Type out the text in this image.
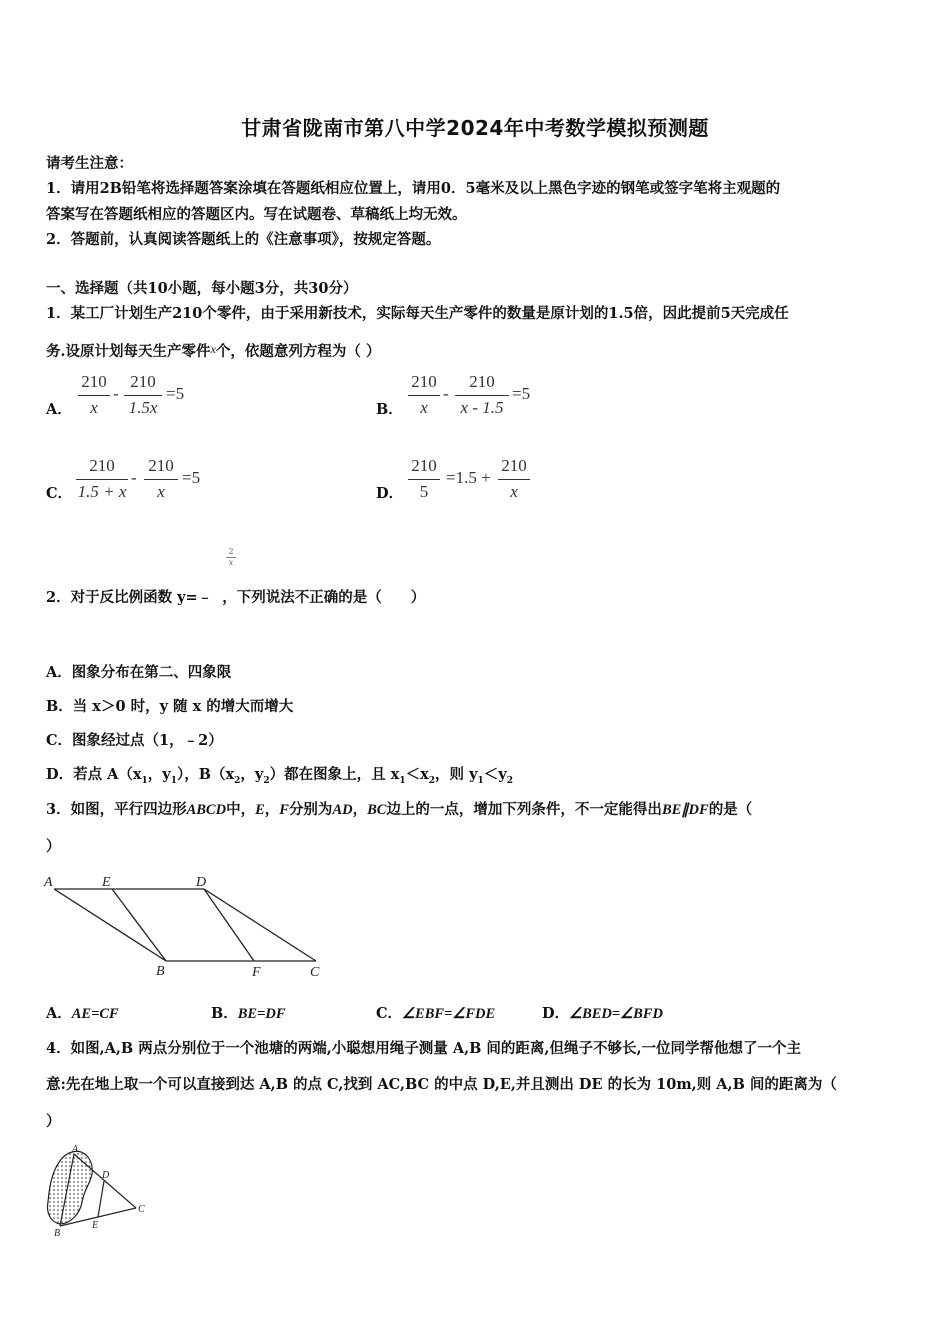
甘肃省陇南市第八中学2024年中考数学模拟预测题
请考生注意：
1．请用2B铅笔将选择题答案涂填在答题纸相应位置上，请用0．5毫米及以上黑色字迹的钢笔或签字笔将主观题的
答案写在答题纸相应的答题区内。写在试题卷、草稿纸上均无效。
2．答题前，认真阅读答题纸上的《注意事项》，按规定答题。
一、选择题（共10小题，每小题3分，共30分）
1．某工厂计划生产210个零件，由于采用新技术，实际每天生产零件的数量是原计划的1.5倍，因此提前5天完成任
务.设原计划每天生产零件$^x$个，依题意列方程为（ ）
A．
210
x
-
210
1.5x
=5
B．
210
x
-
210
x - 1.5
=5
C．
210
1.5 + x
-
210
x
=5
D．
210
5
=1.5 +
210
x
2
x
2．对于反比例函数 y=﹣ ，下列说法不正确的是（　　）
A．图象分布在第二、四象限
B．当 x＞0 时，y 随 x 的增大而增大
C．图象经过点（1，﹣2）
D．若点 $A(x_1$，$y_1$），$B(x_2$，$y_2$）都在图象上，且 $x_1<x_2$，则 $y_1<y_2$
3．如图，平行四边形ABCD中，E，F分别为AD，BC边上的一点，增加下列条件，不一定能得出BE∥DF的是（
）
A	E	D
B	F	C
A．AE=CF	B．BE=DF	C．∠EBF=∠FDE	D．∠BED=∠BFD
4．如图,A,B 两点分别位于一个池塘的两端,小聪想用绳子测量 A,B 间的距离,但绳子不够长,一位同学帮他想了一个主
意:先在地上取一个可以直接到达 A,B 的点 C,找到 AC,BC 的中点 D,E,并且测出 DE 的长为 10m,则 A,B 间的距离为（
）
A
B
C
D
E
